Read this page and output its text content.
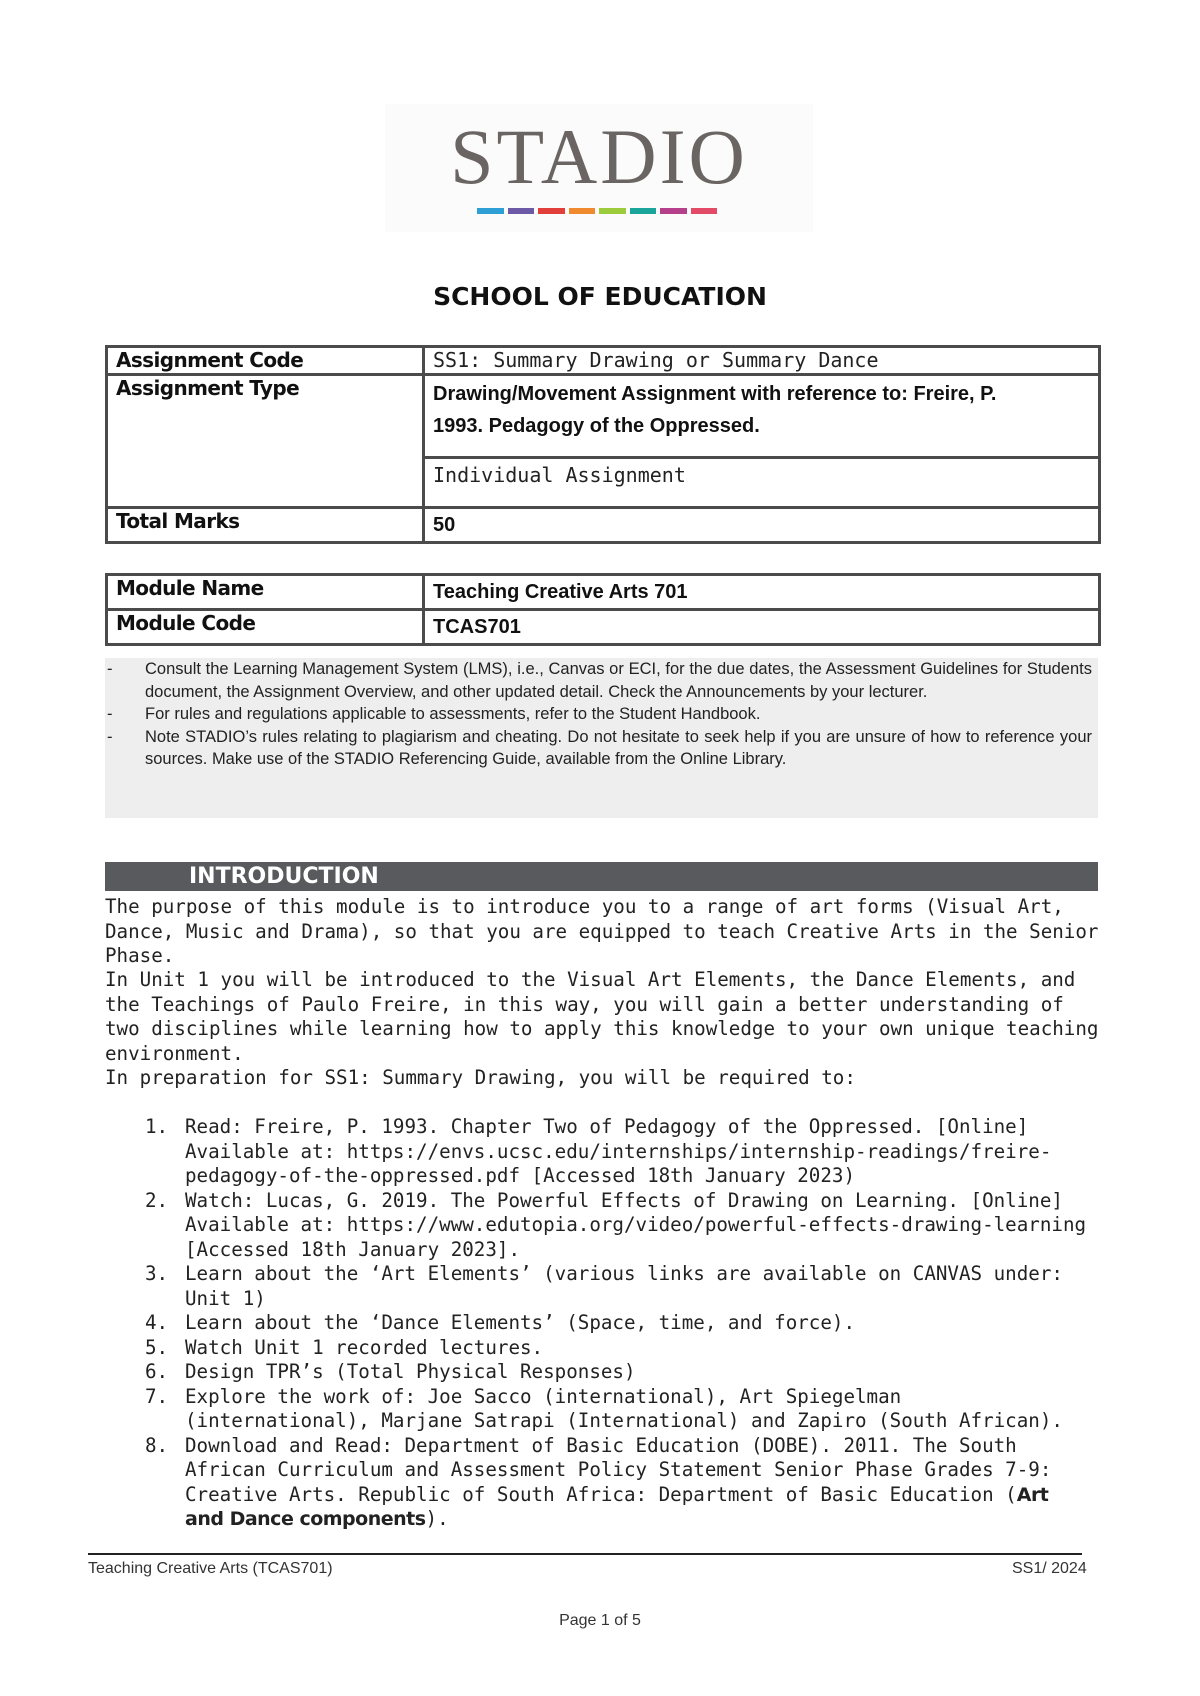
STADIO
SCHOOL OF EDUCATION
Assignment Code	SS1: Summary Drawing or Summary Dance
Assignment Type	Drawing/Movement Assignment with reference to: Freire, P.
1993. Pedagogy of the Oppressed.
Individual Assignment

Total Marks	50
Module Name	Teaching Creative Arts 701
Module Code	TCAS701
- Consult the Learning Management System (LMS), i.e., Canvas or ECI, for the due dates, the Assessment Guidelines for Students document, the Assignment Overview, and other updated detail. Check the Announcements by your lecturer.
- For rules and regulations applicable to assessments, refer to the Student Handbook.
- Note STADIO’s rules relating to plagiarism and cheating. Do not hesitate to seek help if you are unsure of how to reference your sources. Make use of the STADIO Referencing Guide, available from the Online Library.
INTRODUCTION
The purpose of this module is to introduce you to a range of art forms (Visual Art, Dance, Music and Drama), so that you are equipped to teach Creative Arts in the Senior Phase.
In Unit 1 you will be introduced to the Visual Art Elements, the Dance Elements, and the Teachings of Paulo Freire, in this way, you will gain a better understanding of two disciplines while learning how to apply this knowledge to your own unique teaching environment.
In preparation for SS1: Summary Drawing, you will be required to:
1. Read: Freire, P. 1993. Chapter Two of Pedagogy of the Oppressed. [Online] Available at: https://envs.ucsc.edu/internships/internship-readings/freire-pedagogy-of-the-oppressed.pdf [Accessed 18th January 2023)
2. Watch: Lucas, G. 2019. The Powerful Effects of Drawing on Learning. [Online] Available at: https://www.edutopia.org/video/powerful-effects-drawing-learning [Accessed 18th January 2023].
3. Learn about the ‘Art Elements’ (various links are available on CANVAS under: Unit 1)
4. Learn about the ‘Dance Elements’ (Space, time, and force).
5. Watch Unit 1 recorded lectures.
6. Design TPR’s (Total Physical Responses)
7. Explore the work of: Joe Sacco (international), Art Spiegelman (international), Marjane Satrapi (International) and Zapiro (South African).
8. Download and Read: Department of Basic Education (DOBE). 2011. The South African Curriculum and Assessment Policy Statement Senior Phase Grades 7-9: Creative Arts. Republic of South Africa: Department of Basic Education (Art and Dance components).
Teaching Creative Arts (TCAS701)	SS1/ 2024
Page 1 of 5
